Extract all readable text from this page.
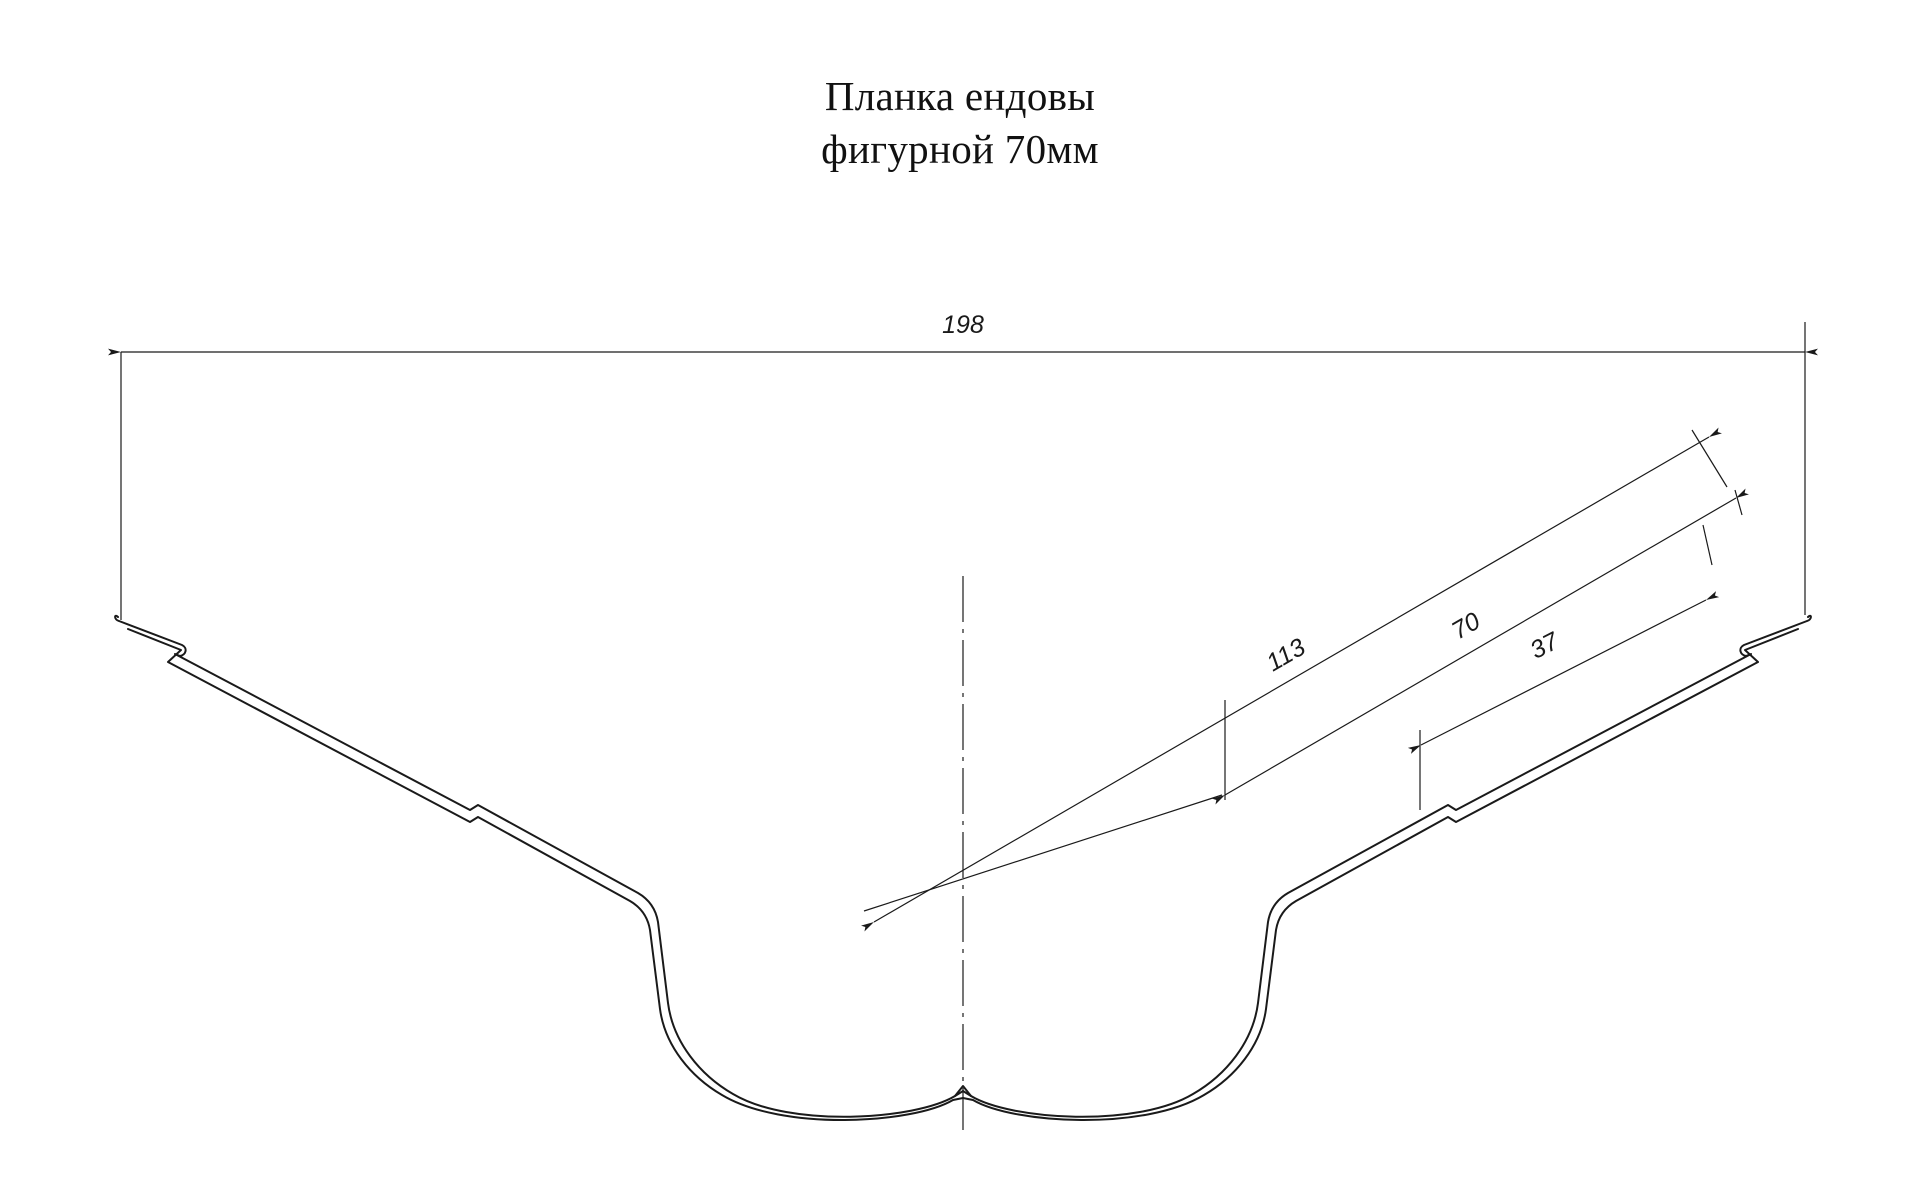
Планка ендовы
фигурной 70мм
198
113
70
37
